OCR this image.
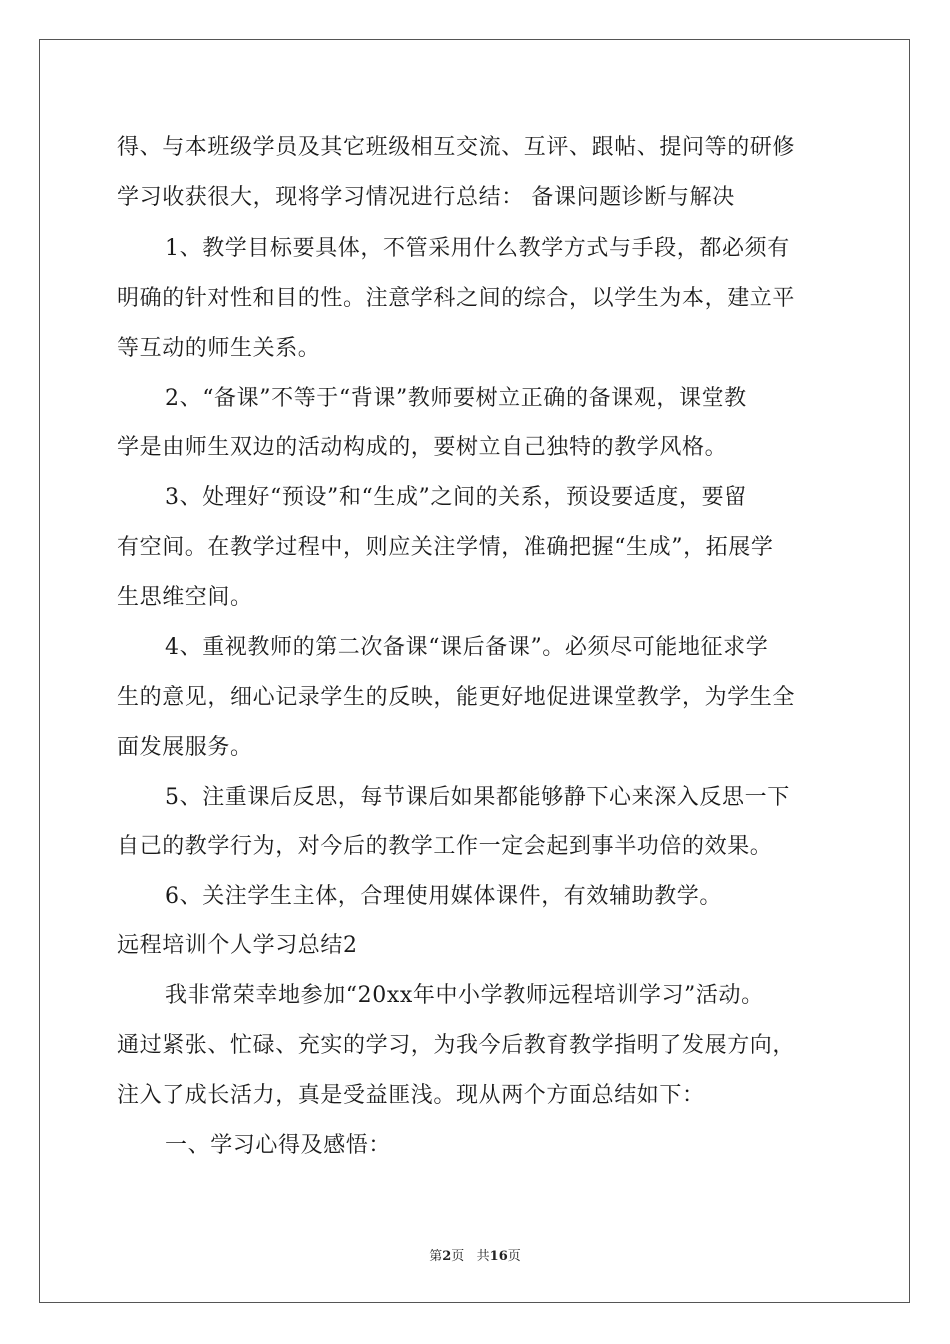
得、与本班级学员及其它班级相互交流、互评、跟帖、提问等的研修
学习收获很大，现将学习情况进行总结： 备课问题诊断与解决
1、教学目标要具体，不管采用什么教学方式与手段，都必须有
明确的针对性和目的性。注意学科之间的综合，以学生为本，建立平
等互动的师生关系。
2、“备课”不等于“背课”教师要树立正确的备课观，课堂教
学是由师生双边的活动构成的，要树立自己独特的教学风格。
3、处理好“预设”和“生成”之间的关系，预设要适度，要留
有空间。在教学过程中，则应关注学情，准确把握“生成”，拓展学
生思维空间。
4、重视教师的第二次备课“课后备课”。必须尽可能地征求学
生的意见，细心记录学生的反映，能更好地促进课堂教学，为学生全
面发展服务。
5、注重课后反思，每节课后如果都能够静下心来深入反思一下
自己的教学行为，对今后的教学工作一定会起到事半功倍的效果。
6、关注学生主体，合理使用媒体课件，有效辅助教学。
远程培训个人学习总结2
我非常荣幸地参加“20xx年中小学教师远程培训学习”活动。
通过紧张、忙碌、充实的学习，为我今后教育教学指明了发展方向，
注入了成长活力，真是受益匪浅。现从两个方面总结如下：
一、学习心得及感悟：
第2页   共16页
